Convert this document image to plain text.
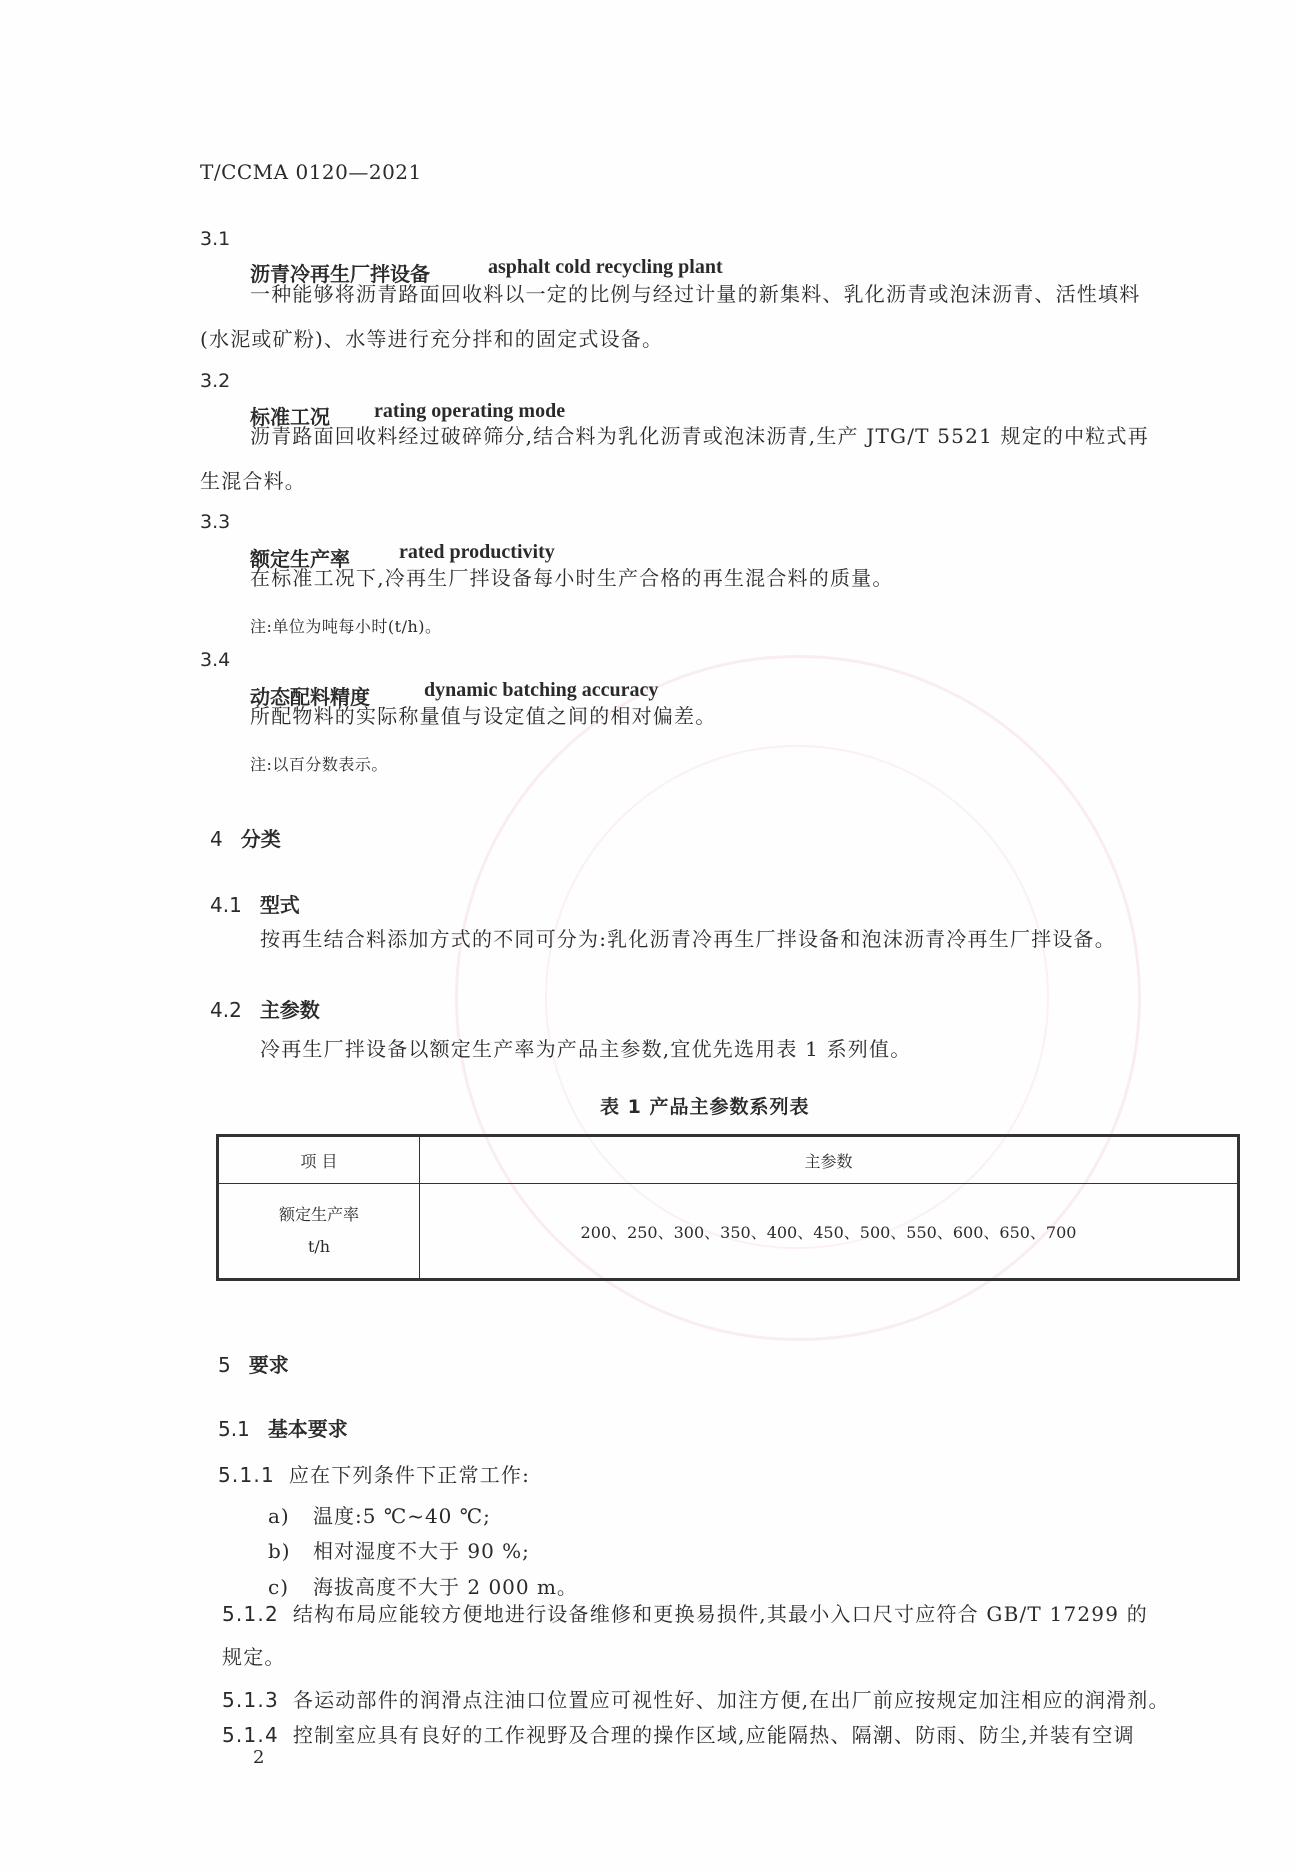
T/CCMA 0120—2021
3.1
沥青冷再生厂拌设备	asphalt cold recycling plant
一种能够将沥青路面回收料以一定的比例与经过计量的新集料、乳化沥青或泡沫沥青、活性填料
(水泥或矿粉)、水等进行充分拌和的固定式设备。
3.2
标准工况 rating operating mode
沥青路面回收料经过破碎筛分,结合料为乳化沥青或泡沫沥青,生产 JTG/T 5521 规定的中粒式再
生混合料。
3.3
额定生产率 rated productivity
在标准工况下,冷再生厂拌设备每小时生产合格的再生混合料的质量。
注:单位为吨每小时(t/h)。
3.4
动态配料精度	dynamic batching accuracy
所配物料的实际称量值与设定值之间的相对偏差。
注:以百分数表示。
4 分类
4.1 型式
按再生结合料添加方式的不同可分为:乳化沥青冷再生厂拌设备和泡沫沥青冷再生厂拌设备。
4.2 主参数
冷再生厂拌设备以额定生产率为产品主参数,宜优先选用表 1 系列值。
表 1 产品主参数系列表
项 目	主参数

额定生产率
t/h	200、250、300、350、400、450、500、550、600、650、700
5 要求
5.1 基本要求
5.1.1 应在下列条件下正常工作:
a) 温度:5 ℃~40 ℃;
b) 相对湿度不大于 90 %;
c) 海拔高度不大于 2 000 m。
5.1.2 结构布局应能较方便地进行设备维修和更换易损件,其最小入口尺寸应符合 GB/T 17299 的
规定。
5.1.3 各运动部件的润滑点注油口位置应可视性好、加注方便,在出厂前应按规定加注相应的润滑剂。
5.1.4 控制室应具有良好的工作视野及合理的操作区域,应能隔热、隔潮、防雨、防尘,并装有空调
2
